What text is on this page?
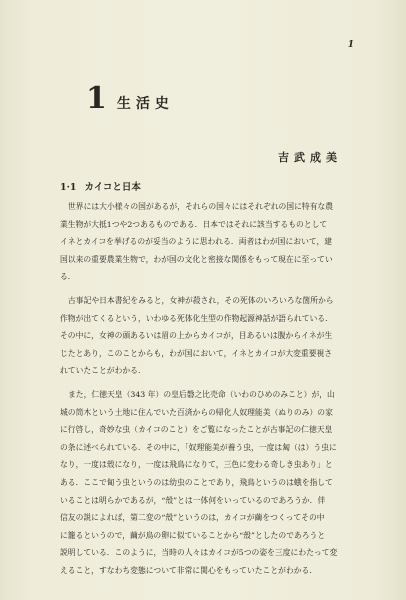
1
1 生活史
吉武成美
1·1 カイコと日本
世界には大小様々の国があるが，それらの国々にはそれぞれの国に特有な農
業生物が大抵1つや2つあるものである．日本ではそれに該当するものとして
イネとカイコを挙げるのが妥当のように思われる．両者はわが国において，建
国以来の重要農業生物で，わが国の文化と密接な関係をもって現在に至ってい
る．
古事記や日本書紀をみると，女神が殺され，その死体のいろいろな箇所から
作物が出てくるという，いわゆる死体化生型の作物起源神話が語られている．
その中に，女神の頭あるいは眉の上からカイコが，目あるいは腹からイネが生
じたとあり，このことからも，わが国において，イネとカイコが大変重要視さ
れていたことがわかる．
また，仁徳天皇（343 年）の皇后磐之比売命（いわのひめのみこと）が，山
城の筒木という土地に住んでいた百済からの帰化人奴理能美（ぬりのみ）の家
に行啓し，奇妙な虫（カイコのこと）をご覧になったことが古事記の仁徳天皇
の条に述べられている．その中に，「奴理能美が養う虫，一度は匐（は）う虫に
なり，一度は殼になり，一度は飛鳥になりて，三色に変わる奇しき虫あり」と
ある．ここで匐う虫というのは幼虫のことであり，飛鳥というのは蛾を指して
いることは明らかであるが，“殼”とは一体何をいっているのであろうか．伴
信友の説によれば，第二変の“殼”というのは，カイコが繭をつくってその中
に籠るというので，繭が鳥の卵に似ていることから“殼”としたのであろうと
説明している．このように，当時の人々はカイコが5つの姿を三度にわたって変
えること，すなわち変態について非常に関心をもっていたことがわかる．
